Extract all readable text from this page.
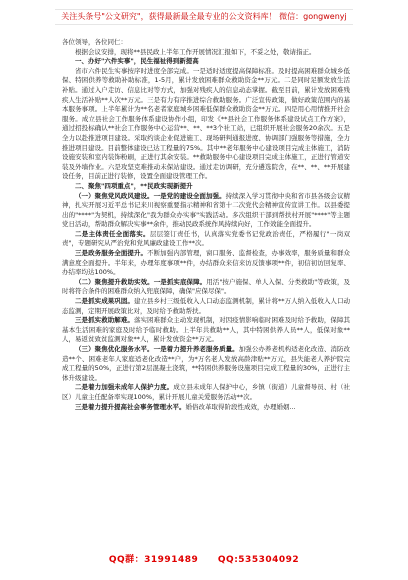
关注头条号"公文研究"，获得最新最全最专业的公文资料库！ 微信：gongwenyj

各位领导，各位同仁：

根据会议安排，现将**县民政上半年工作开展情况汇报如下，不妥之处，敬请指正。

一、办好"六件实事"，民生福祉得到新提高

省市六件民生实事按序时进度全部完成。一是适时适度提高保障标准。及时提高困难群众城乡低保、特困供养等救助补助标准，1-5月，累计发放困难群众救助资金**万元。二是同时足额发放生活补贴。通过入户走访、信息比对等方式，加强对残疾人的信息动态掌握。截至目前，累计发放困难残疾人生活补贴**人次**万元。三是有力有序推进综合救助服务。广泛宣传政策，做好政策范围内的基本服务事项。上半年累计为**名老者家庭城乡困难低保群众救助资金**万元。四是用心用情推开社会服务。成立县社会工作服务体系建设协作小组，印发《**县社会工作服务体系建设试点工作方案》，通过招投标确认**社会工作服务中心运营**、**、**3个社工站，已组织开展社会服务20余次。五是全力以赴推进项目建设。采取约谈企业促进施工、现场研判通报进度、协调部门强服务等措施，全力推进项目建设。目前整体建设已达工程量的75%。其中**老年服务中心建设项目完成主体施工，消防设施安装和室内装饰粉刷，正进行其余安装。**救助服务中心建设项目完成主体施工，正进行管道安装及外墙作业。六是攻坚克难推动未保站建设。通过走访调研，充分遴选院舍，在**、**、**开展建设任务，目前正进行装修，设置全面建设管理工作。

二、聚焦"四项重点"，**民政实现新提升

（一）聚焦党风政风建设。一是党的建设全面加强。持续深入学习贯彻中央和省市县各级会议精神，扎实开展习近平总书记来川视察重要指示精神和省第十二次党代会精神宣传宣讲工作。以县委提出的"****"为契机，持续深化"我为群众办实事"实践活动。多次组织干部到帮扶村开展"****"等主题党日活动，帮助群众解决实事**余件，推动民政系统作风持续向好，工作效能全面提升。

二是主体责任全面落实。层层签订责任书，认真落实党委书记党政治责任，严格履行"一岗双责"，专题研究从严治党和党风廉政建设工作**次。

三是政务服务全面提升。不断加强内部管理，窗口服务、监督检查，办事效率，服务质量和群众满意度全面提升。半年来，办理年度事项**件，办结群众来信来访反馈事项**件，初信初访回复率、办结率均达100%。

（二）聚焦提升救助实效。一是抓实底保障。用活"按户施保、单人入保、分类救助"等政策，及时将符合条件的困难群众纳入兜底保障，确保"应保尽保"。

二是抓实成果巩固。建立县乡村三级低收入人口动态监测机制，累计将**万人纳入低收入人口动态监测，定期开展政策比对，及时给予救助帮扶。

三是抓实救助解难。落实困难群众主动发现机制，对因疫情影响临时困难及时给予救助，保障其基本生活困难的家庭及时给予临时救助。上半年共救助**人，其中特困供养人员**人，低保对象**人，易返贫致贫监测对象**人，累计发放资金**万元。

（三）聚焦优化服务水平。一是着力提升养老服务质量。加强公办养老机构适老化改造、消防改造**个、困难老年人家庭适老化改造**户，为*万名老人发放高龄津贴**万元，县失能老人养护院完成工程量的50%，正进行第2层混凝土浇筑，**特困供养服务设施项目完成工程量的30%，正进行主体升级建设。

二是着力加强未成年人保护力度。成立县未成年人保护中心，乡镇（街道）儿童督导员、村（社区）儿童主任配备率实现100%，累计开展儿童关爱服务活动**次。

三是着力提升提高社会事务管理水平。婚俗改革取得阶段性成效，办理婚姻...

QQ群：31991489 QQ:535304092
